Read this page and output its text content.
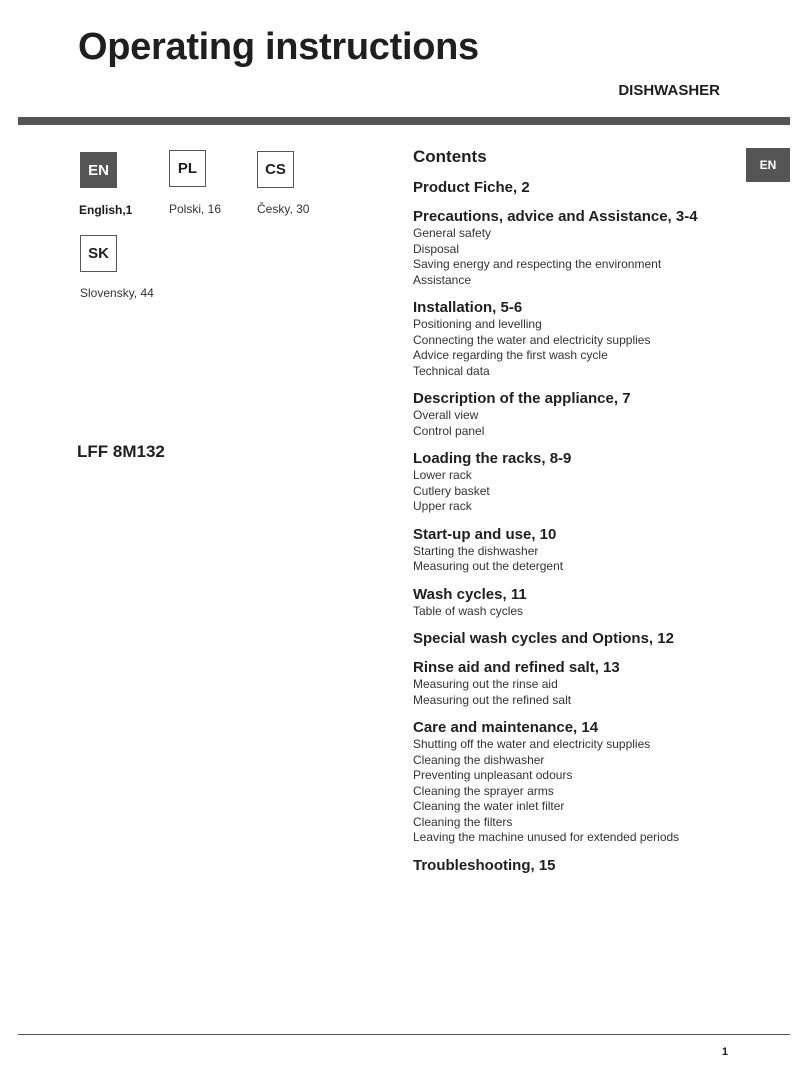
Operating instructions
DISHWASHER
EN
English,1
PL
Polski, 16
CS
Česky, 30
SK
Slovensky, 44
LFF 8M132
EN
Contents
Product Fiche, 2
Precautions, advice and Assistance, 3-4
General safety
Disposal
Saving energy and respecting the environment
Assistance
Installation, 5-6
Positioning and levelling
Connecting the water and electricity supplies
Advice regarding the first wash cycle
Technical data
Description of the appliance, 7
Overall view
Control panel
Loading the racks, 8-9
Lower rack
Cutlery basket
Upper rack
Start-up and use, 10
Starting the dishwasher
Measuring out the detergent
Wash cycles, 11
Table of wash cycles
Special wash cycles and Options, 12
Rinse aid and refined salt, 13
Measuring out the rinse aid
Measuring out the refined salt
Care and maintenance, 14
Shutting off the water and electricity supplies
Cleaning the dishwasher
Preventing unpleasant odours
Cleaning the sprayer arms
Cleaning the water inlet filter
Cleaning the filters
Leaving the machine unused for extended periods
Troubleshooting, 15
1
